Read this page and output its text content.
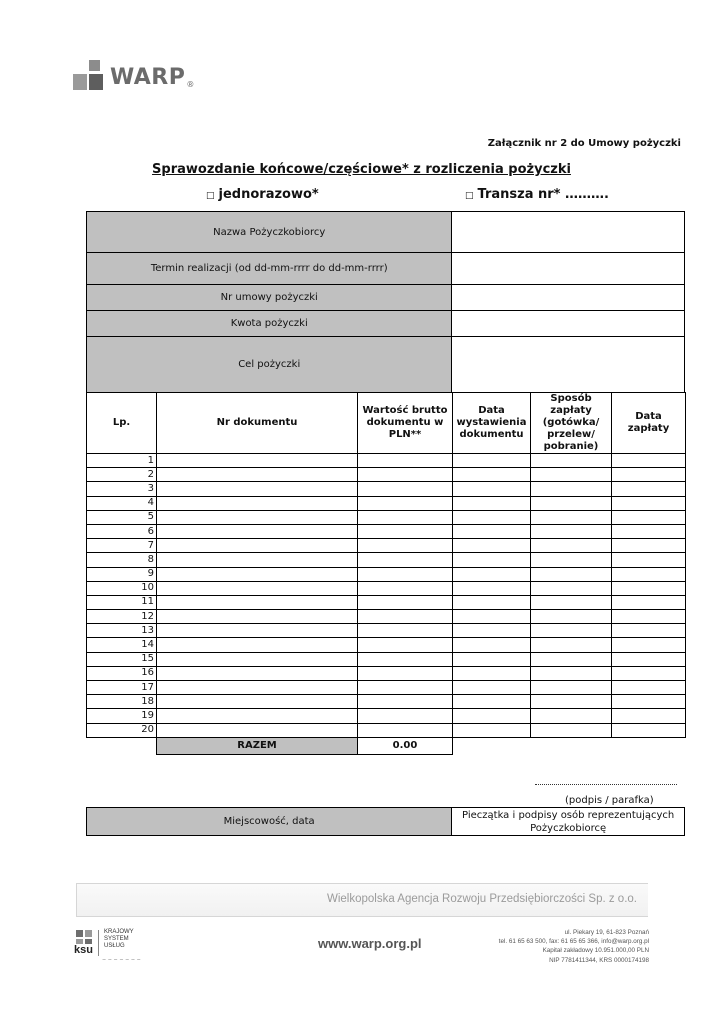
WARP ®
Załącznik nr 2 do Umowy pożyczki
Sprawozdanie końcowe/częściowe* z rozliczenia pożyczki
□ jednorazowo*	□ Transza nr* ……….
Nazwa Pożyczkobiorcy	
Termin realizacji (od dd-mm-rrrr do dd-mm-rrrr)	
Nr umowy pożyczki	
Kwota pożyczki	
Cel pożyczki	
Lp.	Nr dokumentu	Wartość brutto dokumentu w PLN**	Data wystawienia dokumentu	Sposób zapłaty (gotówka/ przelew/ pobranie)	Data zapłaty
1					
2					
3					
4					
5					
6					
7					
8					
9					
10					
11					
12					
13					
14					
15					
16					
17					
18					
19					
20					
	RAZEM	0.00			
(podpis / parafka)
Miejscowość, data	Pieczątka i podpisy osób reprezentujących Pożyczkobiorcę
Wielkopolska Agencja Rozwoju Przedsiębiorczości Sp. z o.o.
KRAJOWY
SYSTEM
USŁUG
ksu
~ ~ ~ ~ ~ ~ ~
www.warp.org.pl
ul. Piekary 19, 61-823 Poznań
tel. 61 65 63 500, fax: 61 65 65 366, info@warp.org.pl
Kapitał zakładowy 10.951.000,00 PLN
NIP 7781411344, KRS 0000174198
